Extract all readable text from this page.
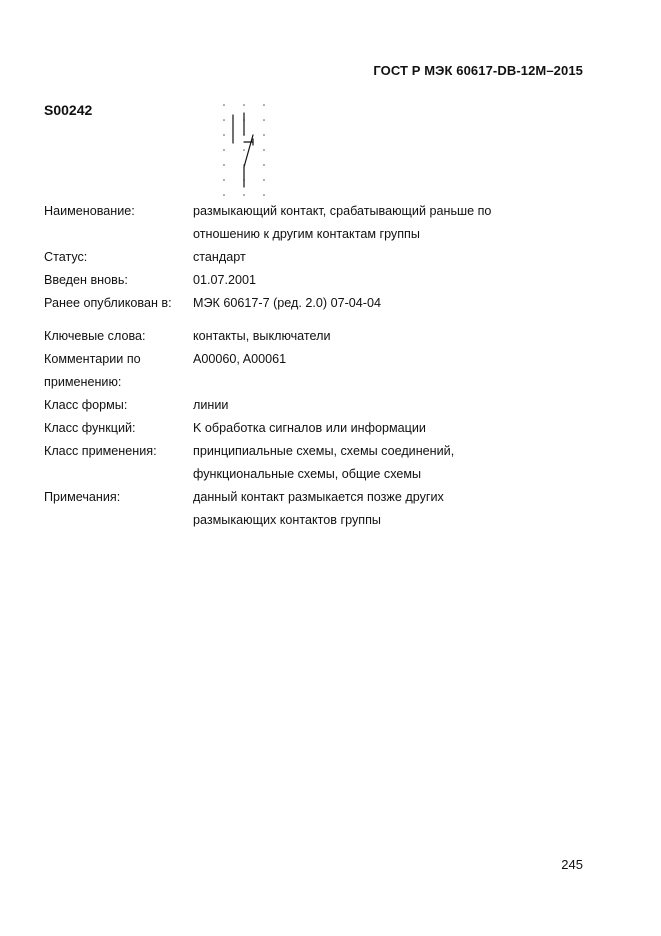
ГОСТ Р МЭК 60617-DB-12M–2015
S00242
Наименование:	размыкающий контакт, срабатывающий раньше по
отношению к другим контактам группы
Статус:	стандарт
Введен вновь:	01.07.2001
Ранее опубликован в:	МЭК 60617-7 (ред. 2.0) 07-04-04
Ключевые слова:	контакты, выключатели
Комментарии по	A00060, A00061
применению:
Класс формы:	линии
Класс функций:	K обработка сигналов или информации
Класс применения:	принципиальные схемы, схемы соединений,
функциональные схемы, общие схемы
Примечания:	данный контакт размыкается позже других
размыкающих контактов группы
245
